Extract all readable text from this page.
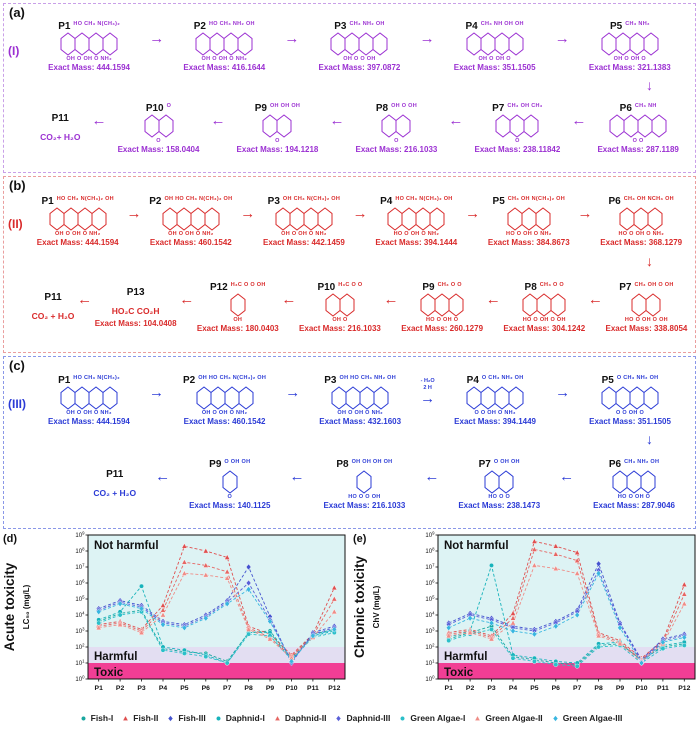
(a)
(I)
P1 HO CH₃ N(CH₃)₂
OH O OH O NH₂
Exact Mass: 444.1594
→
P2 HO CH₃ NH₂ OH
OH O OH O NH₂
Exact Mass: 416.1644
→
P3 CH₃ NH₂ OH
OH O O OH
Exact Mass: 397.0872
→
P4 CH₃ NH OH OH
OH O OH O
Exact Mass: 351.1505
→
P5 CH₃ NH₂
OH O OH O
Exact Mass: 321.1383
P11
CO₂+ H₂O
←
P10 O
O
Exact Mass: 158.0404
←
P9 OH OH OH
O
Exact Mass: 194.1218
←
P8 OH O OH
O
Exact Mass: 216.1033
←
P7 CH₃ OH CH₃
O
Exact Mass: 238.11842
←
P6 CH₃ NH
O O
Exact Mass: 287.1189
↓
(b)
(II)
P1 HO CH₃ N(CH₃)₂ OH
OH O OH O NH₂
Exact Mass: 444.1594
→
P2 OH HO CH₃ N(CH₃)₂ OH
OH O OH O NH₂
Exact Mass: 460.1542
→
P3 OH CH₃ N(CH₃)₂ OH
OH O OH O NH₂
Exact Mass: 442.1459
→
P4 HO CH₃ N(CH₃)₂ OH
HO O OH O NH₂
Exact Mass: 394.1444
→
P5 CH₃ OH N(CH₃)₂ OH
HO O OH O NH₂
Exact Mass: 384.8673
→
P6 CH₃ OH NCH₃ OH
HO O OH O NH₂
Exact Mass: 368.1279
P11
CO₂ + H₂O
←	P13
HO₂C CO₂H
Exact Mass: 104.0408
←
P12 H₃C O O OH
OH
Exact Mass: 180.0403
←
P10 H₃C O O
OH O
Exact Mass: 216.1033
←
P9 CH₃ O O
HO O OH O
Exact Mass: 260.1279
←
P8 CH₃ O O
HO O OH O OH
Exact Mass: 304.1242
←
P7 CH₃ OH O OH
HO O OH O OH
Exact Mass: 338.8054
↓
(c)
(III)
P1 HO CH₃ N(CH₃)₂
OH O OH O NH₂
Exact Mass: 444.1594
→
P2 OH HO CH₃ N(CH₃)₂ OH
OH O OH O NH₂
Exact Mass: 460.1542
→
P3 OH HO CH₃ NH₂ OH
OH O OH O NH₂
Exact Mass: 432.1603
- H₂O
2 H
→
P4 O CH₃ NH₂ OH
O O OH O NH₂
Exact Mass: 394.1449
→
P5 O CH₃ NH₂ OH
O O OH O
Exact Mass: 351.1505
P11
CO₂ + H₂O
←
P9 O OH OH
O
Exact Mass: 140.1125
←
P8 OH OH OH OH
HO O O OH
Exact Mass: 216.1033
←
P7 O OH OH
HO O O
Exact Mass: 238.1473
←
P6 CH₃ NH₂ OH
HO O OH O
Exact Mass: 287.9046
↓
$10^0$
$10^1$
$10^2$
$10^3$
$10^4$
$10^5$
$10^6$
$10^7$
$10^8$
$10^9$
P1 P2 P3 P4 P5 P6 P7 P8 P9 P10 P11 P12
Not harmful
Harmful
Toxic
(d)
Acute toxicity LC₅₀ (mg/L)
$10^0$
$10^1$
$10^2$
$10^3$
$10^4$
$10^5$
$10^6$
$10^7$
$10^8$
$10^9$
P1 P2 P3 P4 P5 P6 P7 P8 P9 P10 P11 P12
Not harmful
Harmful
Toxic
(e)
Chronic toxicity ChV (mg/L)
Fish-I Fish-II Fish-III Daphnid-I Daphnid-II Daphnid-III Green Algae-I Green Algae-II Green Algae-III
